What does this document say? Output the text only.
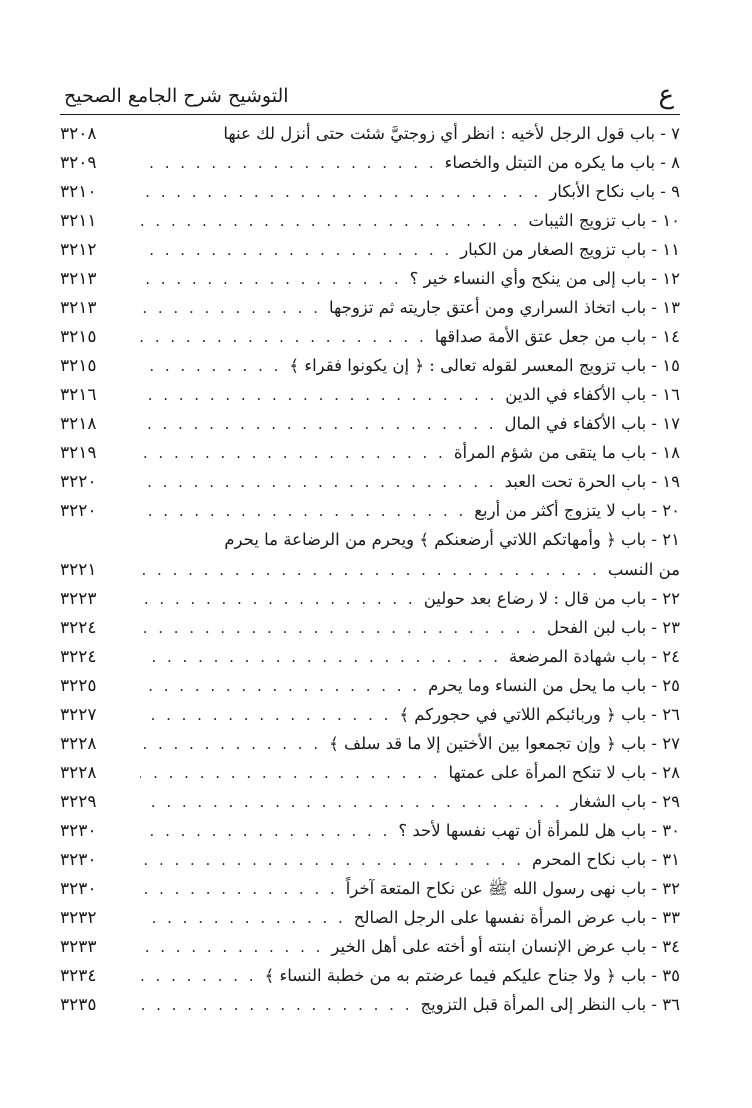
ع
التوشيح شرح الجامع الصحيح
٧ - باب قول الرجل لأخيه : انظر أي زوجتيَّ شئت حتى أنزل لك عنها
٣٢٠٨
٨ - باب ما يكره من التبتل والخصاء
. . .
٣٢٠٩
٩ - باب نكاح الأبكار
. . .
٣٢١٠
١٠ - باب تزويج الثيبات
. . .
٣٢١١
١١ - باب تزويج الصغار من الكبار
. . .
٣٢١٢
١٢ - باب إلى من ينكح وأي النساء خير ؟
. . .
٣٢١٣
١٣ - باب اتخاذ السراري ومن أعتق جاريته ثم تزوجها
. . .
٣٢١٣
١٤ - باب من جعل عتق الأمة صداقها
. . .
٣٢١٥
١٥ - باب تزويج المعسر لقوله تعالى : ﴿ إن يكونوا فقراء ﴾
. . .
٣٢١٥
١٦ - باب الأكفاء في الدين
. . .
٣٢١٦
١٧ - باب الأكفاء في المال
. . .
٣٢١٨
١٨ - باب ما يتقى من شؤم المرأة
. . .
٣٢١٩
١٩ - باب الحرة تحت العبد
. . .
٣٢٢٠
٢٠ - باب لا يتزوج أكثر من أربع
. . .
٣٢٢٠
٢١ - باب ﴿ وأمهاتكم اللاتي أرضعنكم ﴾ ويحرم من الرضاعة ما يحرم
من النسب
. . .
٣٢٢١
٢٢ - باب من قال : لا رضاع بعد حولين
. . .
٣٢٢٣
٢٣ - باب لبن الفحل
. . .
٣٢٢٤
٢٤ - باب شهادة المرضعة
. . .
٣٢٢٤
٢٥ - باب ما يحل من النساء وما يحرم
. . .
٣٢٢٥
٢٦ - باب ﴿ وربائبكم اللاتي في حجوركم ﴾
. . .
٣٢٢٧
٢٧ - باب ﴿ وإن تجمعوا بين الأختين إلا ما قد سلف ﴾
. . .
٣٢٢٨
٢٨ - باب لا تنكح المرأة على عمتها
. . .
٣٢٢٨
٢٩ - باب الشغار
. . .
٣٢٢٩
٣٠ - باب هل للمرأة أن تهب نفسها لأحد ؟
. . .
٣٢٣٠
٣١ - باب نكاح المحرم
. . .
٣٢٣٠
٣٢ - باب نهى رسول الله ﷺ عن نكاح المتعة آخراً
. . .
٣٢٣٠
٣٣ - باب عرض المرأة نفسها على الرجل الصالح
. . .
٣٢٣٢
٣٤ - باب عرض الإنسان ابنته أو أخته على أهل الخير
. . .
٣٢٣٣
٣٥ - باب ﴿ ولا جناح عليكم فيما عرضتم به من خطبة النساء ﴾
. . .
٣٢٣٤
٣٦ - باب النظر إلى المرأة قبل التزويج
. . .
٣٢٣٥
